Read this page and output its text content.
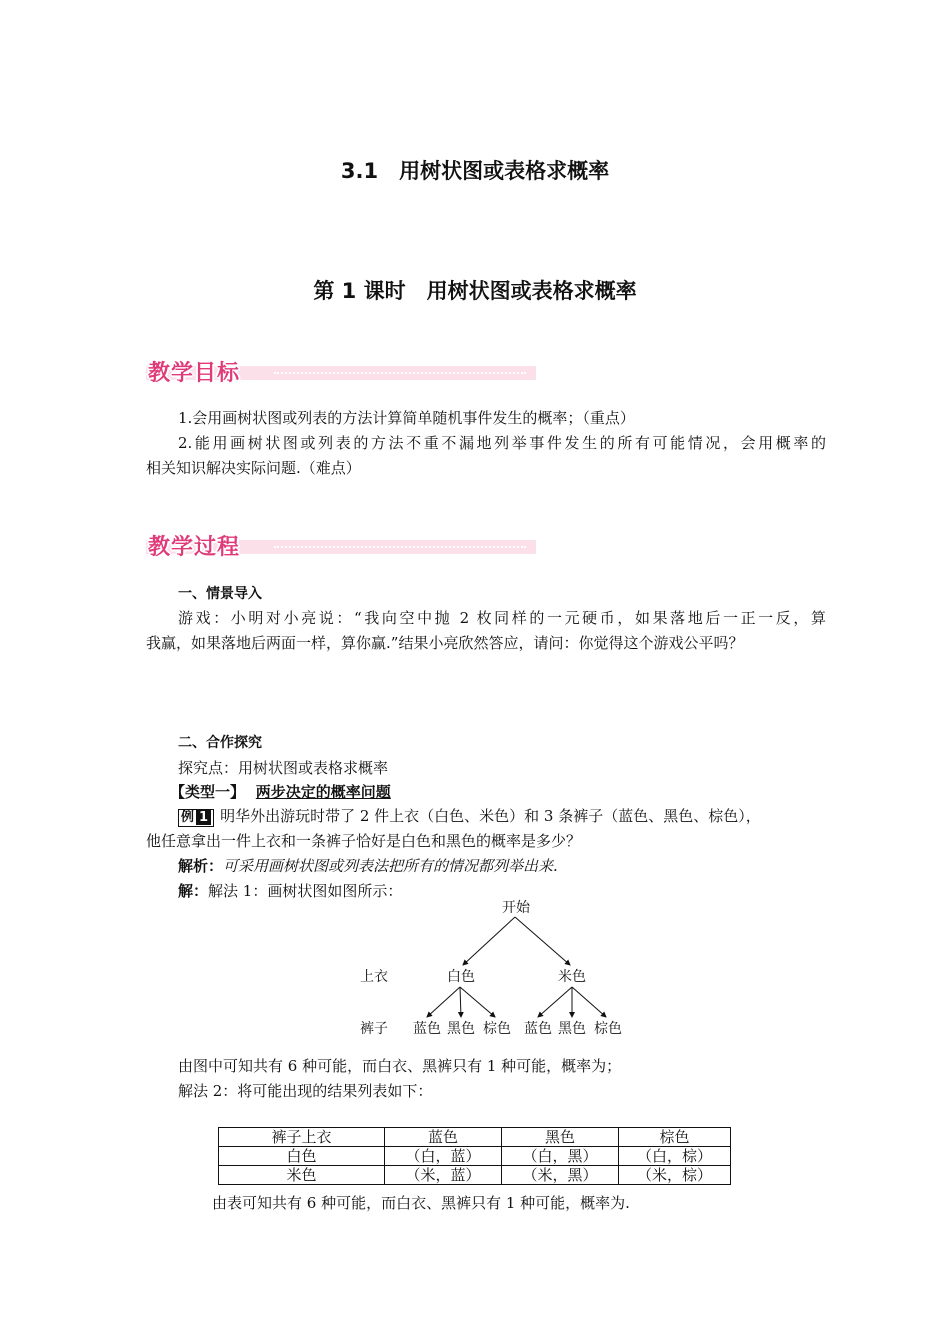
3.1　用树状图或表格求概率
第 1 课时　用树状图或表格求概率
教学目标
1.会用画树状图或列表的方法计算简单随机事件发生的概率；（重点）
2.能用画树状图或列表的方法不重不漏地列举事件发生的所有可能情况，会用概率的
相关知识解决实际问题.（难点）
教学过程
一、情景导入
游戏：小明对小亮说：“我向空中抛 2 枚同样的一元硬币，如果落地后一正一反，算
我赢，如果落地后两面一样，算你赢.”结果小亮欣然答应，请问：你觉得这个游戏公平吗？
二、合作探究
探究点：用树状图或表格求概率
【类型一】 两步决定的概率问题
例 1 明华外出游玩时带了 2 件上衣（白色、米色）和 3 条裤子（蓝色、黑色、棕色），
他任意拿出一件上衣和一条裤子恰好是白色和黑色的概率是多少？
解析：可采用画树状图或列表法把所有的情况都列举出来.
解：解法 1：画树状图如图所示：
开始
上衣
裤子
白色	米色
蓝色 黑色 棕色 蓝色 黑色 棕色
由图中可知共有 6 种可能，而白衣、黑裤只有 1 种可能，概率为；
解法 2：将可能出现的结果列表如下：
裤子上衣	蓝色	黑色	棕色
白色	（白，蓝）	（白，黑）	（白，棕）
米色	（米，蓝）	（米，黑）	（米，棕）
由表可知共有 6 种可能，而白衣、黑裤只有 1 种可能，概率为.
